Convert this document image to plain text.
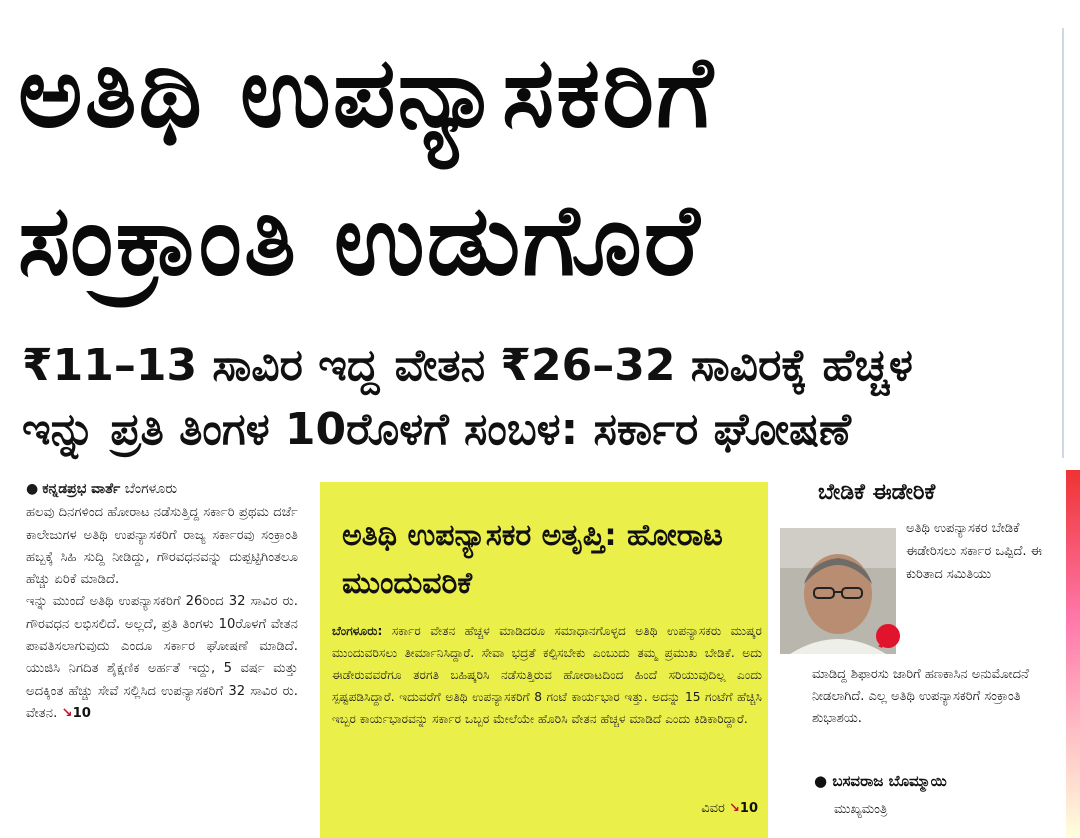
ಅತಿಥಿ ಉಪನ್ಯಾಸಕರಿಗೆ
ಸಂಕ್ರಾಂತಿ ಉಡುಗೊರೆ
₹11–13 ಸಾವಿರ ಇದ್ದ ವೇತನ ₹26–32 ಸಾವಿರಕ್ಕೆ ಹೆಚ್ಚಳ
ಇನ್ನು ಪ್ರತಿ ತಿಂಗಳ 10ರೊಳಗೆ ಸಂಬಳ: ಸರ್ಕಾರ ಘೋಷಣೆ
● ಕನ್ನಡಪ್ರಭ ವಾರ್ತೆ ಬೆಂಗಳೂರು

ಹಲವು ದಿನಗಳಿಂದ ಹೋರಾಟ ನಡೆಸುತ್ತಿದ್ದ ಸರ್ಕಾರಿ ಪ್ರಥಮ ದರ್ಜೆ ಕಾಲೇಜುಗಳ ಅತಿಥಿ ಉಪನ್ಯಾಸಕರಿಗೆ ರಾಜ್ಯ ಸರ್ಕಾರವು ಸಂಕ್ರಾಂತಿ ಹಬ್ಬಕ್ಕೆ ಸಿಹಿ ಸುದ್ದಿ ನೀಡಿದ್ದು, ಗೌರವಧನವನ್ನು ದುಪ್ಪಟ್ಟಿಗಿಂತಲೂ ಹೆಚ್ಚು ಏರಿಕೆ ಮಾಡಿದೆ.

ಇನ್ನು ಮುಂದೆ ಅತಿಥಿ ಉಪನ್ಯಾಸಕರಿಗೆ 26ರಿಂದ 32 ಸಾವಿರ ರು. ಗೌರವಧನ ಲಭಿಸಲಿದೆ. ಅಲ್ಲದೆ, ಪ್ರತಿ ತಿಂಗಳು 10ರೊಳಗೆ ವೇತನ ಪಾವತಿಸಲಾಗುವುದು ಎಂದೂ ಸರ್ಕಾರ ಘೋಷಣೆ ಮಾಡಿದೆ. ಯುಜಿಸಿ ನಿಗದಿತ ಶೈಕ್ಷಣಿಕ ಅರ್ಹತೆ ಇದ್ದು, 5 ವರ್ಷ ಮತ್ತು ಅದಕ್ಕಿಂತ ಹೆಚ್ಚು ಸೇವೆ ಸಲ್ಲಿಸಿದ ಉಪನ್ಯಾಸಕರಿಗೆ 32 ಸಾವಿರ ರು. ವೇತನ. ↘10

ಅತಿಥಿ ಉಪನ್ಯಾಸಕರ ಅತೃಪ್ತಿ: ಹೋರಾಟ ಮುಂದುವರಿಕೆ
ಬೆಂಗಳೂರು: ಸರ್ಕಾರ ವೇತನ ಹೆಚ್ಚಳ ಮಾಡಿದರೂ ಸಮಾಧಾನಗೊಳ್ಳದ ಅತಿಥಿ ಉಪನ್ಯಾಸಕರು ಮುಷ್ಕರ ಮುಂದುವರಿಸಲು ತೀರ್ಮಾನಿಸಿದ್ದಾರೆ. ಸೇವಾ ಭದ್ರತೆ ಕಲ್ಪಿಸಬೇಕು ಎಂಬುದು ತಮ್ಮ ಪ್ರಮುಖ ಬೇಡಿಕೆ. ಅದು ಈಡೇರುವವರೆಗೂ ತರಗತಿ ಬಹಿಷ್ಕರಿಸಿ ನಡೆಸುತ್ತಿರುವ ಹೋರಾಟದಿಂದ ಹಿಂದೆ ಸರಿಯುವುದಿಲ್ಲ ಎಂದು ಸ್ಪಷ್ಟಪಡಿಸಿದ್ದಾರೆ. ಇದುವರೆಗೆ ಅತಿಥಿ ಉಪನ್ಯಾಸಕರಿಗೆ 8 ಗಂಟೆ ಕಾರ್ಯಭಾರ ಇತ್ತು. ಅದನ್ನು 15 ಗಂಟೆಗೆ ಹೆಚ್ಚಿಸಿ ಇಬ್ಬರ ಕಾರ್ಯಭಾರವನ್ನು ಸರ್ಕಾರ ಒಬ್ಬರ ಮೇಲೆಯೇ ಹೊರಿಸಿ ವೇತನ ಹೆಚ್ಚಳ ಮಾಡಿದೆ ಎಂದು ಕಿಡಿಕಾರಿದ್ದಾರೆ.
ವಿವರ ↘10
ಬೇಡಿಕೆ ಈಡೇರಿಕೆ
ಅತಿಥಿ ಉಪನ್ಯಾಸಕರ ಬೇಡಿಕೆ ಈಡೇರಿಸಲು ಸರ್ಕಾರ ಒಪ್ಪಿದೆ. ಈ ಕುರಿತಾದ ಸಮಿತಿಯು
ಮಾಡಿದ್ದ ಶಿಫಾರಸು ಜಾರಿಗೆ ಹಣಕಾಸಿನ ಅನುಮೋದನೆ ನೀಡಲಾಗಿದೆ. ಎಲ್ಲ ಅತಿಥಿ ಉಪನ್ಯಾಸಕರಿಗೆ ಸಂಕ್ರಾಂತಿ ಶುಭಾಶಯ.
● ಬಸವರಾಜ ಬೊಮ್ಮಾಯಿ
ಮುಖ್ಯಮಂತ್ರಿ
